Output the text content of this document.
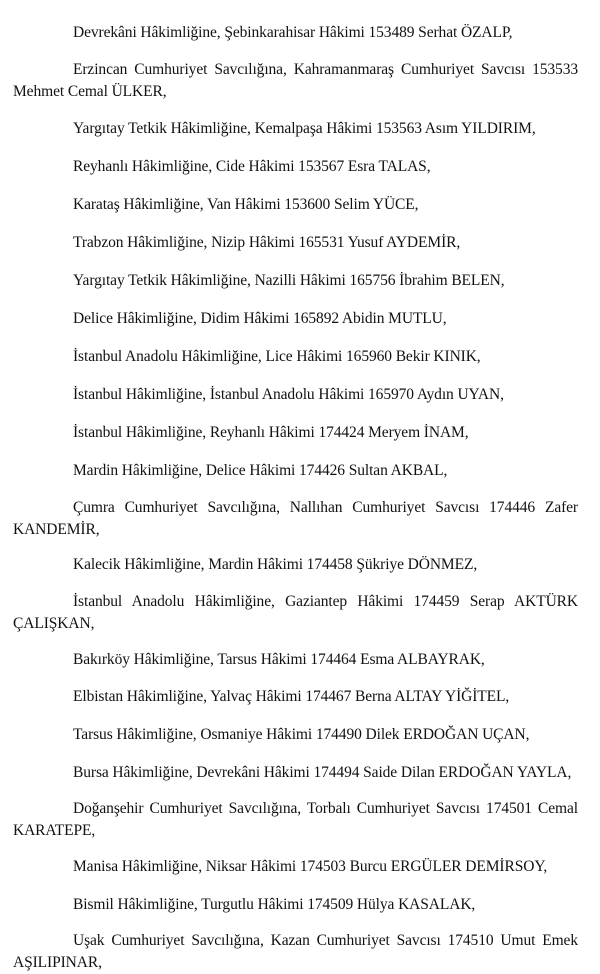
Devrekâni Hâkimliğine, Şebinkarahisar Hâkimi 153489 Serhat ÖZALP,

Erzincan Cumhuriyet Savcılığına, Kahramanmaraş Cumhuriyet Savcısı 153533 Mehmet Cemal ÜLKER,

Yargıtay Tetkik Hâkimliğine, Kemalpaşa Hâkimi 153563 Asım YILDIRIM,

Reyhanlı Hâkimliğine, Cide Hâkimi 153567 Esra TALAS,

Karataş Hâkimliğine, Van Hâkimi 153600 Selim YÜCE,

Trabzon Hâkimliğine, Nizip Hâkimi 165531 Yusuf AYDEMİR,

Yargıtay Tetkik Hâkimliğine, Nazilli Hâkimi 165756 İbrahim BELEN,

Delice Hâkimliğine, Didim Hâkimi 165892 Abidin MUTLU,

İstanbul Anadolu Hâkimliğine, Lice Hâkimi 165960 Bekir KINIK,

İstanbul Hâkimliğine, İstanbul Anadolu Hâkimi 165970 Aydın UYAN,

İstanbul Hâkimliğine, Reyhanlı Hâkimi 174424 Meryem İNAM,

Mardin Hâkimliğine, Delice Hâkimi 174426 Sultan AKBAL,

Çumra Cumhuriyet Savcılığına, Nallıhan Cumhuriyet Savcısı 174446 Zafer KANDEMİR,

Kalecik Hâkimliğine, Mardin Hâkimi 174458 Şükriye DÖNMEZ,

İstanbul Anadolu Hâkimliğine, Gaziantep Hâkimi 174459 Serap AKTÜRK ÇALIŞKAN,

Bakırköy Hâkimliğine, Tarsus Hâkimi 174464 Esma ALBAYRAK,

Elbistan Hâkimliğine, Yalvaç Hâkimi 174467 Berna ALTAY YİĞİTEL,

Tarsus Hâkimliğine, Osmaniye Hâkimi 174490 Dilek ERDOĞAN UÇAN,

Bursa Hâkimliğine, Devrekâni Hâkimi 174494 Saide Dilan ERDOĞAN YAYLA,

Doğanşehir Cumhuriyet Savcılığına, Torbalı Cumhuriyet Savcısı 174501 Cemal KARATEPE,

Manisa Hâkimliğine, Niksar Hâkimi 174503 Burcu ERGÜLER DEMİRSOY,

Bismil Hâkimliğine, Turgutlu Hâkimi 174509 Hülya KASALAK,

Uşak Cumhuriyet Savcılığına, Kazan Cumhuriyet Savcısı 174510 Umut Emek AŞILIPINAR,
